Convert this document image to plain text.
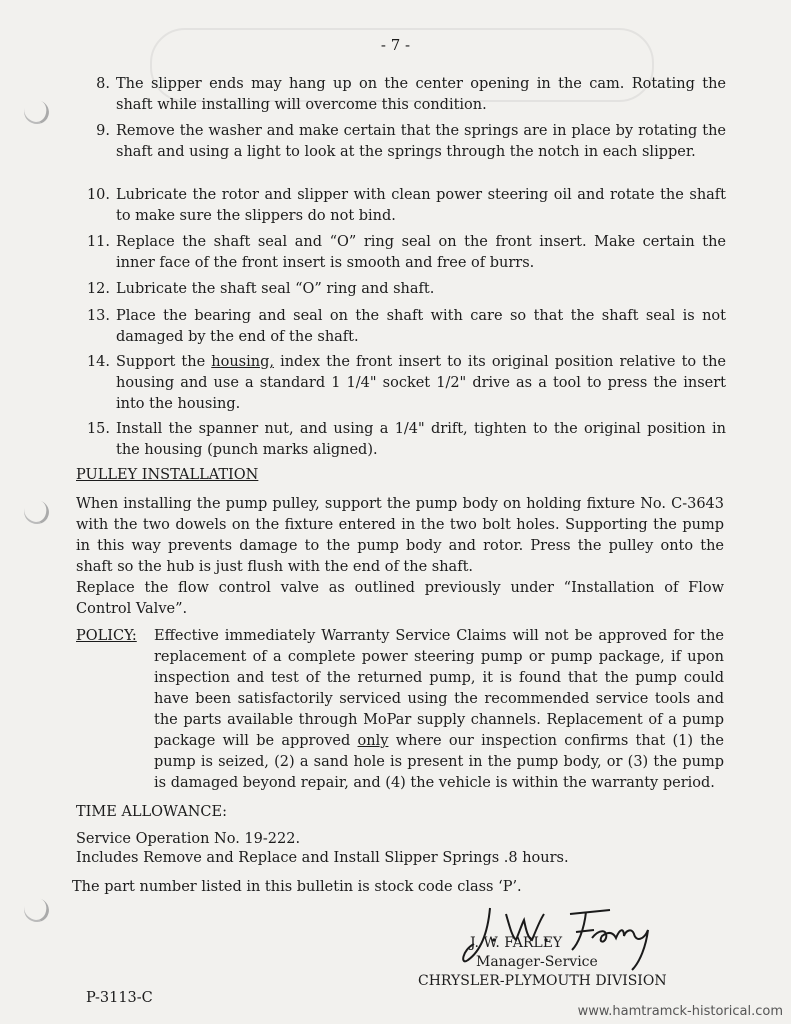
- 7 -
8. The slipper ends may hang up on the center opening in the cam. Rotating the shaft while installing will overcome this condition.
9. Remove the washer and make certain that the springs are in place by rotating the shaft and using a light to look at the springs through the notch in each slipper.
10. Lubricate the rotor and slipper with clean power steering oil and rotate the shaft to make sure the slippers do not bind.
11. Replace the shaft seal and “O” ring seal on the front insert. Make certain the inner face of the front insert is smooth and free of burrs.
12. Lubricate the shaft seal “O” ring and shaft.
13. Place the bearing and seal on the shaft with care so that the shaft seal is not damaged by the end of the shaft.
14. Support the housing, index the front insert to its original position relative to the housing and use a standard 1 1/4" socket 1/2" drive as a tool to press the insert into the housing.
15. Install the spanner nut, and using a 1/4" drift, tighten to the original position in the housing (punch marks aligned).
PULLEY INSTALLATION
When installing the pump pulley, support the pump body on holding fixture No. C-3643 with the two dowels on the fixture entered in the two bolt holes. Supporting the pump in this way prevents damage to the pump body and rotor. Press the pulley onto the shaft so the hub is just flush with the end of the shaft.
Replace the flow control valve as outlined previously under “Installation of Flow Control Valve”.
POLICY: Effective immediately Warranty Service Claims will not be approved for the replacement of a complete power steering pump or pump package, if upon inspection and test of the returned pump, it is found that the pump could have been satisfactorily serviced using the recommended service tools and the parts available through MoPar supply channels. Replacement of a pump package will be approved only where our inspection confirms that (1) the pump is seized, (2) a sand hole is present in the pump body, or (3) the pump is damaged beyond repair, and (4) the vehicle is within the warranty period.
TIME ALLOWANCE:
Service Operation No. 19-222.
Includes Remove and Replace and Install Slipper Springs .8 hours.
The part number listed in this bulletin is stock code class ‘P’.
J. W. FARLEY
Manager-Service
CHRYSLER-PLYMOUTH DIVISION
P-3113-C
www.hamtramck-historical.com
